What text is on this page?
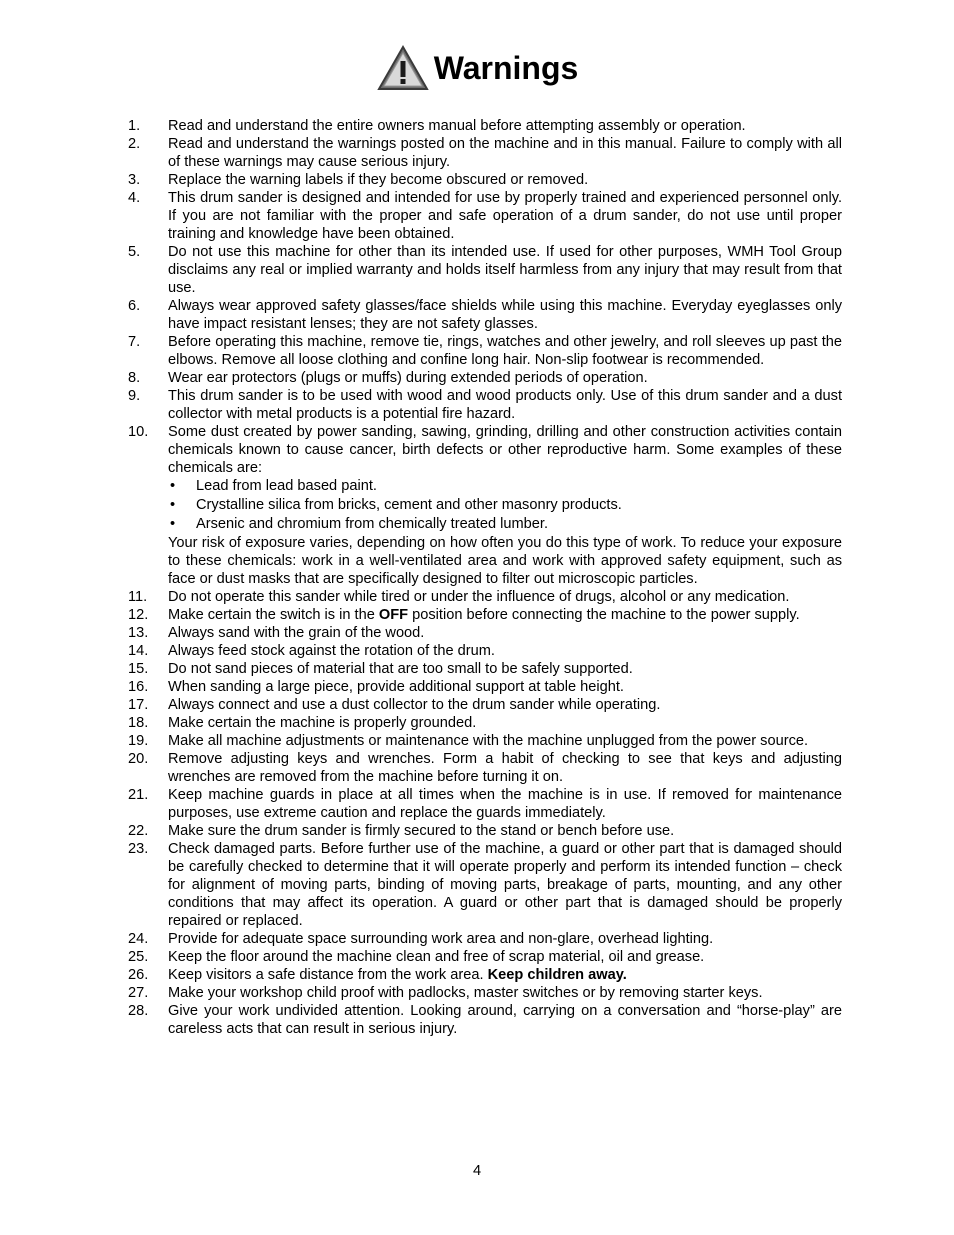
Warnings
1.	Read and understand the entire owners manual before attempting assembly or operation.
2.	Read and understand the warnings posted on the machine and in this manual. Failure to comply with all of these warnings may cause serious injury.
3.	Replace the warning labels if they become obscured or removed.
4.	This drum sander is designed and intended for use by properly trained and experienced personnel only. If you are not familiar with the proper and safe operation of a drum sander, do not use until proper training and knowledge have been obtained.
5.	Do not use this machine for other than its intended use. If used for other purposes, WMH Tool Group disclaims any real or implied warranty and holds itself harmless from any injury that may result from that use.
6.	Always wear approved safety glasses/face shields while using this machine. Everyday eyeglasses only have impact resistant lenses; they are not safety glasses.
7.	Before operating this machine, remove tie, rings, watches and other jewelry, and roll sleeves up past the elbows. Remove all loose clothing and confine long hair. Non-slip footwear is recommended.
8.	Wear ear protectors (plugs or muffs) during extended periods of operation.
9.	This drum sander is to be used with wood and wood products only. Use of this drum sander and a dust collector with metal products is a potential fire hazard.
10.	Some dust created by power sanding, sawing, grinding, drilling and other construction activities contain chemicals known to cause cancer, birth defects or other reproductive harm. Some examples of these chemicals are:
• Lead from lead based paint.
• Crystalline silica from bricks, cement and other masonry products.
• Arsenic and chromium from chemically treated lumber.
Your risk of exposure varies, depending on how often you do this type of work. To reduce your exposure to these chemicals: work in a well-ventilated area and work with approved safety equipment, such as face or dust masks that are specifically designed to filter out microscopic particles.
11.	Do not operate this sander while tired or under the influence of drugs, alcohol or any medication.
12.	Make certain the switch is in the OFF position before connecting the machine to the power supply.
13.	Always sand with the grain of the wood.
14.	Always feed stock against the rotation of the drum.
15.	Do not sand pieces of material that are too small to be safely supported.
16.	When sanding a large piece, provide additional support at table height.
17.	Always connect and use a dust collector to the drum sander while operating.
18.	Make certain the machine is properly grounded.
19.	Make all machine adjustments or maintenance with the machine unplugged from the power source.
20.	Remove adjusting keys and wrenches. Form a habit of checking to see that keys and adjusting wrenches are removed from the machine before turning it on.
21.	Keep machine guards in place at all times when the machine is in use. If removed for maintenance purposes, use extreme caution and replace the guards immediately.
22.	Make sure the drum sander is firmly secured to the stand or bench before use.
23.	Check damaged parts. Before further use of the machine, a guard or other part that is damaged should be carefully checked to determine that it will operate properly and perform its intended function – check for alignment of moving parts, binding of moving parts, breakage of parts, mounting, and any other conditions that may affect its operation. A guard or other part that is damaged should be properly repaired or replaced.
24.	Provide for adequate space surrounding work area and non-glare, overhead lighting.
25.	Keep the floor around the machine clean and free of scrap material, oil and grease.
26.	Keep visitors a safe distance from the work area. Keep children away.
27.	Make your workshop child proof with padlocks, master switches or by removing starter keys.
28.	Give your work undivided attention. Looking around, carrying on a conversation and “horse-play” are careless acts that can result in serious injury.
4
